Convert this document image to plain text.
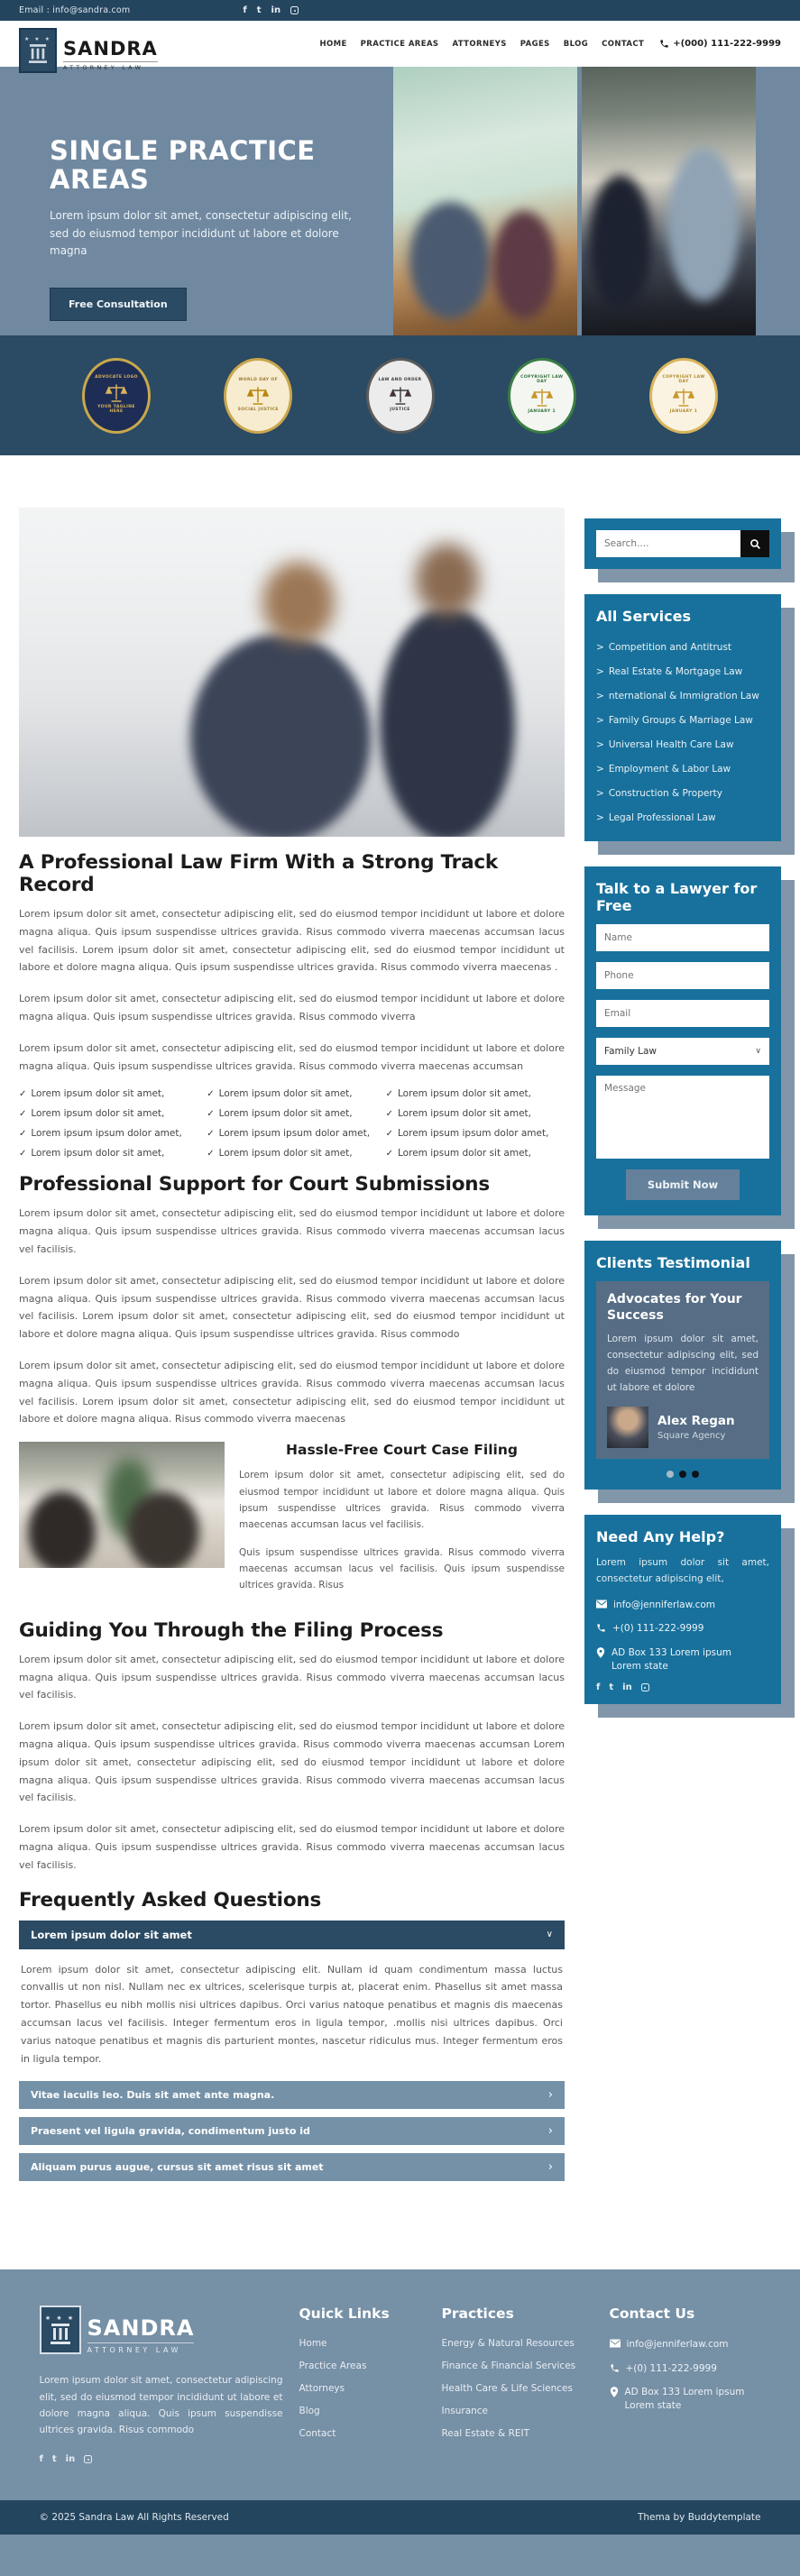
Email : info@sandra.com	f t in
★ ★ ★ SANDRA
ATTORNEY LAW
HOME PRACTICE AREAS ATTORNEYS PAGES BLOG CONTACT	+(000) 111-222-9999
SINGLE PRACTICE AREAS

Lorem ipsum dolor sit amet, consectetur adipiscing elit, sed do eiusmod tempor incididunt ut labore et dolore magna

Free Consultation
ADVOCATE LOGO
YOUR TAGLINE HERE
WORLD DAY OF
SOCIAL JUSTICE
LAW AND ORDER
JUSTICE
COPYRIGHT LAW DAY
JANUARY 1
COPYRIGHT LAW DAY
JANUARY 1
A Professional Law Firm With a Strong Track Record

Lorem ipsum dolor sit amet, consectetur adipiscing elit, sed do eiusmod tempor incididunt ut labore et dolore magna aliqua. Quis ipsum suspendisse ultrices gravida. Risus commodo viverra maecenas accumsan lacus vel facilisis. Lorem ipsum dolor sit amet, consectetur adipiscing elit, sed do eiusmod tempor incididunt ut labore et dolore magna aliqua. Quis ipsum suspendisse ultrices gravida. Risus commodo viverra maecenas .

Lorem ipsum dolor sit amet, consectetur adipiscing elit, sed do eiusmod tempor incididunt ut labore et dolore magna aliqua. Quis ipsum suspendisse ultrices gravida. Risus commodo viverra

Lorem ipsum dolor sit amet, consectetur adipiscing elit, sed do eiusmod tempor incididunt ut labore et dolore magna aliqua. Quis ipsum suspendisse ultrices gravida. Risus commodo viverra maecenas accumsan

✓ Lorem ipsum dolor sit amet,	✓ Lorem ipsum dolor sit amet,	✓ Lorem ipsum dolor sit amet,
✓ Lorem ipsum dolor sit amet,	✓ Lorem ipsum dolor sit amet,	✓ Lorem ipsum dolor sit amet,
✓ Lorem ipsum ipsum dolor amet,	✓ Lorem ipsum ipsum dolor amet, ✓ Lorem ipsum ipsum dolor amet,
✓ Lorem ipsum dolor sit amet,	✓ Lorem ipsum dolor sit amet,	✓ Lorem ipsum dolor sit amet,
Professional Support for Court Submissions

Lorem ipsum dolor sit amet, consectetur adipiscing elit, sed do eiusmod tempor incididunt ut labore et dolore magna aliqua. Quis ipsum suspendisse ultrices gravida. Risus commodo viverra maecenas accumsan lacus vel facilisis.

Lorem ipsum dolor sit amet, consectetur adipiscing elit, sed do eiusmod tempor incididunt ut labore et dolore magna aliqua. Quis ipsum suspendisse ultrices gravida. Risus commodo viverra maecenas accumsan lacus vel facilisis. Lorem ipsum dolor sit amet, consectetur adipiscing elit, sed do eiusmod tempor incididunt ut labore et dolore magna aliqua. Quis ipsum suspendisse ultrices gravida. Risus commodo

Lorem ipsum dolor sit amet, consectetur adipiscing elit, sed do eiusmod tempor incididunt ut labore et dolore magna aliqua. Quis ipsum suspendisse ultrices gravida. Risus commodo viverra maecenas accumsan lacus vel facilisis. Lorem ipsum dolor sit amet, consectetur adipiscing elit, sed do eiusmod tempor incididunt ut labore et dolore magna aliqua. Risus commodo viverra maecenas

Hassle-Free Court Case Filing

Lorem ipsum dolor sit amet, consectetur adipiscing elit, sed do eiusmod tempor incididunt ut labore et dolore magna aliqua. Quis ipsum suspendisse ultrices gravida. Risus commodo viverra maecenas accumsan lacus vel facilisis.

Quis ipsum suspendisse ultrices gravida. Risus commodo viverra maecenas accumsan lacus vel facilisis. Quis ipsum suspendisse ultrices gravida. Risus

Guiding You Through the Filing Process

Lorem ipsum dolor sit amet, consectetur adipiscing elit, sed do eiusmod tempor incididunt ut labore et dolore magna aliqua. Quis ipsum suspendisse ultrices gravida. Risus commodo viverra maecenas accumsan lacus vel facilisis.

Lorem ipsum dolor sit amet, consectetur adipiscing elit, sed do eiusmod tempor incididunt ut labore et dolore magna aliqua. Quis ipsum suspendisse ultrices gravida. Risus commodo viverra maecenas accumsan Lorem ipsum dolor sit amet, consectetur adipiscing elit, sed do eiusmod tempor incididunt ut labore et dolore magna aliqua. Quis ipsum suspendisse ultrices gravida. Risus commodo viverra maecenas accumsan lacus vel facilisis.

Lorem ipsum dolor sit amet, consectetur adipiscing elit, sed do eiusmod tempor incididunt ut labore et dolore magna aliqua. Quis ipsum suspendisse ultrices gravida. Risus commodo viverra maecenas accumsan lacus vel facilisis.

Frequently Asked Questions
Lorem ipsum dolor sit amet	∨

Lorem ipsum dolor sit amet, consectetur adipiscing elit. Nullam id quam condimentum massa luctus convallis ut non nisl. Nullam nec ex ultrices, scelerisque turpis at, placerat enim. Phasellus sit amet massa tortor. Phasellus eu nibh mollis nisi ultrices dapibus. Orci varius natoque penatibus et magnis dis maecenas accumsan lacus vel facilisis. Integer fermentum eros in ligula tempor, .mollis nisi ultrices dapibus. Orci varius natoque penatibus et magnis dis parturient montes, nascetur ridiculus mus. Integer fermentum eros in ligula tempor.

Vitae iaculis leo. Duis sit amet ante magna.	›
Praesent vel ligula gravida, condimentum justo id	›
Aliquam purus augue, cursus sit amet risus sit amet	›
Search....
All Services
> Competition and Antitrust
> Real Estate & Mortgage Law
> nternational & Immigration Law
> Family Groups & Marriage Law
> Universal Health Care Law
> Employment & Labor Law
> Construction & Property
> Legal Professional Law
Talk to a Lawyer for Free
Name
Phone
Email
Family Law	∨
Message
Submit Now
Clients Testimonial
Advocates for Your Success
Lorem ipsum dolor sit amet, consectetur adipiscing elit, sed do eiusmod tempor incididunt ut labore et dolore
Alex Regan
Square Agency
Need Any Help?

Lorem ipsum dolor sit amet, consectetur adipiscing elit,

info@jenniferlaw.com
+(0) 111-222-9999
AD Box 133 Lorem ipsum
Lorem state
f t in
★ ★ ★ SANDRA
ATTORNEY LAW

Lorem ipsum dolor sit amet, consectetur adipiscing elit, sed do eiusmod tempor incididunt ut labore et dolore magna aliqua. Quis ipsum suspendisse ultrices gravida. Risus commodo

f t in
Quick Links
Home
Practice Areas
Attorneys
Blog
Contact
Practices
Energy & Natural Resources
Finance & Financial Services
Health Care & Life Sciences
Insurance
Real Estate & REIT
Contact Us
info@jenniferlaw.com
+(0) 111-222-9999
AD Box 133 Lorem ipsum
Lorem state
© 2025 Sandra Law All Rights Reserved	Thema by Buddytemplate
